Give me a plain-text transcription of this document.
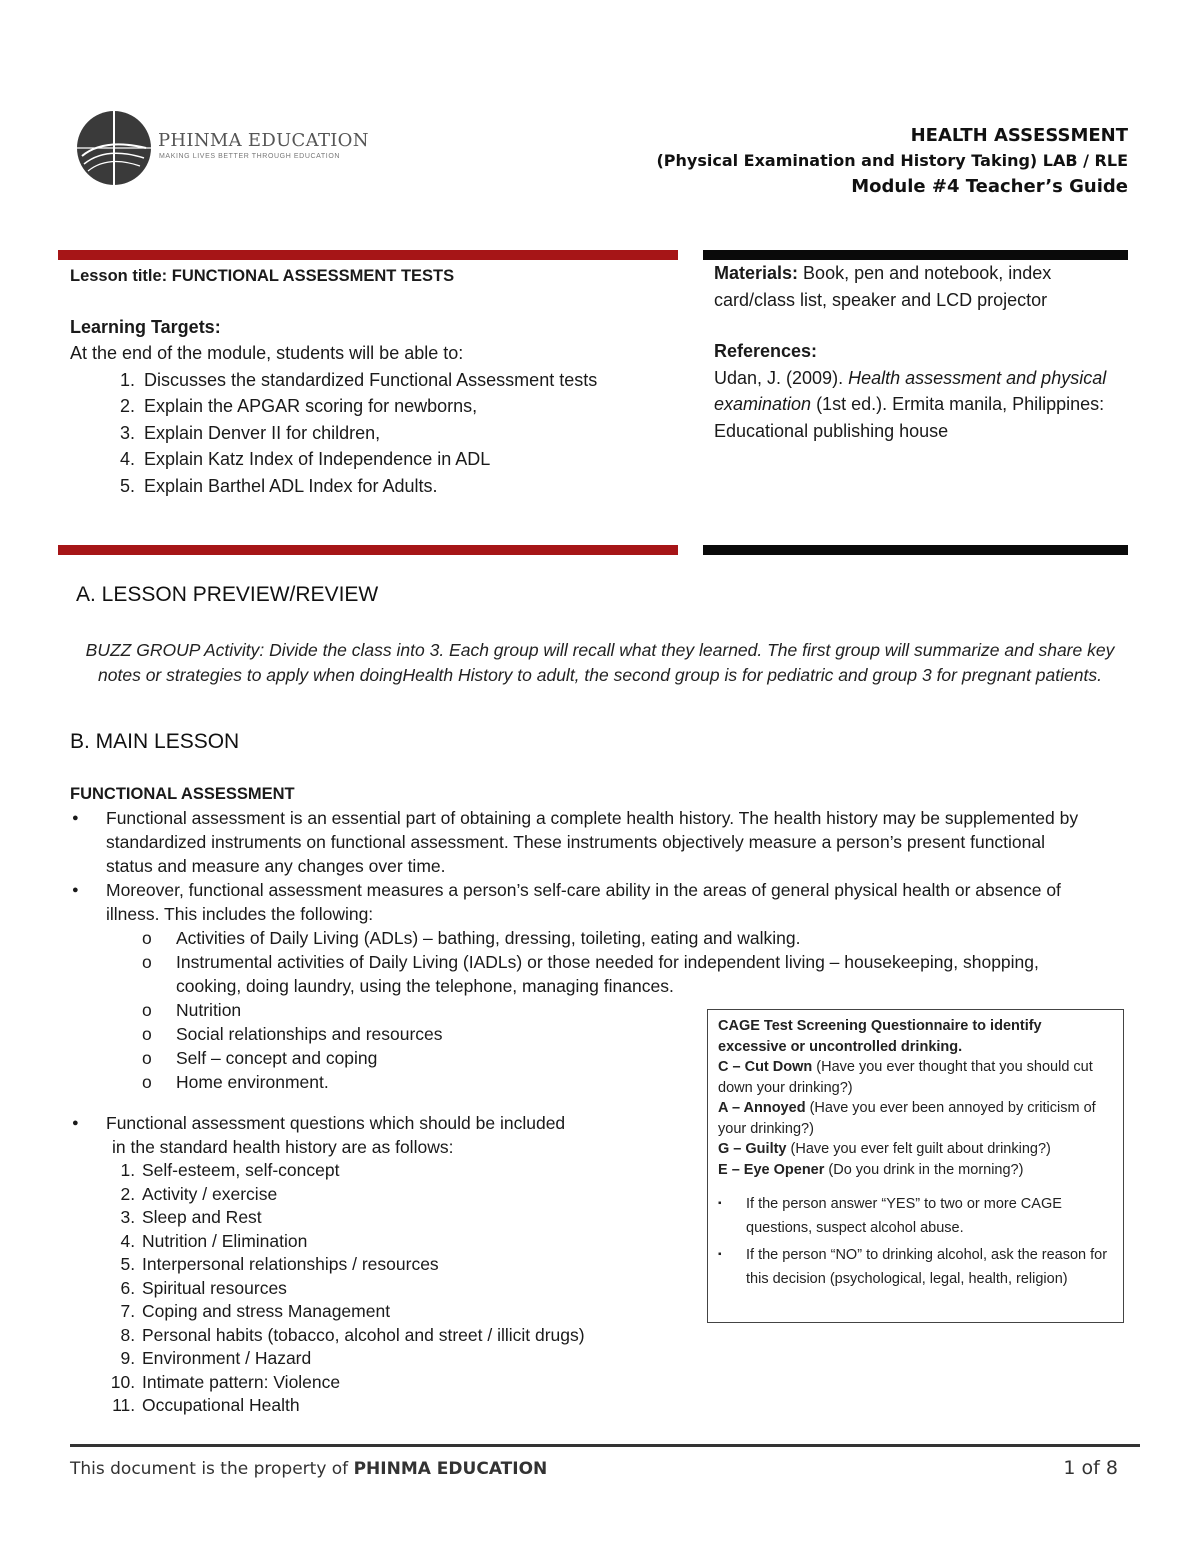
PHINMA EDUCATION
MAKING LIVES BETTER THROUGH EDUCATION
HEALTH ASSESSMENT
(Physical Examination and History Taking) LAB / RLE
Module #4 Teacher’s Guide
Lesson title: FUNCTIONAL ASSESSMENT TESTS
Learning Targets:
At the end of the module, students will be able to:
1. Discusses the standardized Functional Assessment tests
2. Explain the APGAR scoring for newborns,
3. Explain Denver II for children,
4. Explain Katz Index of Independence in ADL
5. Explain Barthel ADL Index for Adults.
Materials: Book, pen and notebook, index card/class list, speaker and LCD projector
References:
Udan, J. (2009). Health assessment and physical examination (1st ed.). Ermita manila, Philippines: Educational publishing house
A. LESSON PREVIEW/REVIEW
BUZZ GROUP Activity: Divide the class into 3. Each group will recall what they learned. The first group will summarize and share key notes or strategies to apply when doingHealth History to adult, the second group is for pediatric and group 3 for pregnant patients.
B. MAIN LESSON
FUNCTIONAL ASSESSMENT
● Functional assessment is an essential part of obtaining a complete health history. The health history may be supplemented by standardized instruments on functional assessment. These instruments objectively measure a person’s present functional status and measure any changes over time.
● Moreover, functional assessment measures a person’s self-care ability in the areas of general physical health or absence of illness. This includes the following:
o Activities of Daily Living (ADLs) – bathing, dressing, toileting, eating and walking.
o Instrumental activities of Daily Living (IADLs) or those needed for independent living – housekeeping, shopping, cooking, doing laundry, using the telephone, managing finances.
o Nutrition
o Social relationships and resources
o Self – concept and coping
o Home environment.
● Functional assessment questions which should be included
in the standard health history are as follows:
1. Self-esteem, self-concept
2. Activity / exercise
3. Sleep and Rest
4. Nutrition / Elimination
5. Interpersonal relationships / resources
6. Spiritual resources
7. Coping and stress Management
8. Personal habits (tobacco, alcohol and street / illicit drugs)
9. Environment / Hazard
10. Intimate pattern: Violence
11. Occupational Health
CAGE Test Screening Questionnaire to identify excessive or uncontrolled drinking.
C – Cut Down (Have you ever thought that you should cut down your drinking?)
A – Annoyed (Have you ever been annoyed by criticism of your drinking?)
G – Guilty (Have you ever felt guilt about drinking?)
E – Eye Opener (Do you drink in the morning?)
▪ If the person answer “YES” to two or more CAGE questions, suspect alcohol abuse.
▪ If the person “NO” to drinking alcohol, ask the reason for this decision (psychological, legal, health, religion)
This document is the property of PHINMA EDUCATION	1 of 8
